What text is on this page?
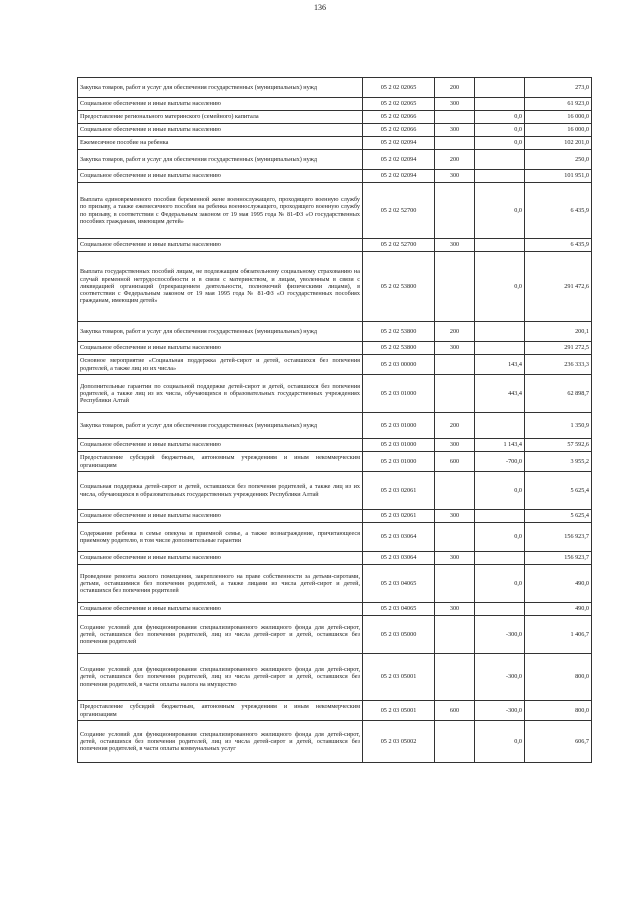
136
Закупка товаров, работ и услуг для обеспечения государственных (муниципальных) нужд	05 2 02 02065	200		273,0
Социальное обеспечение и иные выплаты населению	05 2 02 02065	300		61 923,0
Предоставление регионального материнского (семейного) капитала	05 2 02 02066		0,0	16 000,0
Социальное обеспечение и иные выплаты населению	05 2 02 02066	300	0,0	16 000,0
Ежемесячное пособие на ребенка	05 2 02 02094		0,0	102 201,0
Закупка товаров, работ и услуг для обеспечения государственных (муниципальных) нужд	05 2 02 02094	200		250,0
Социальное обеспечение и иные выплаты населению	05 2 02 02094	300		101 951,0
Выплата единовременного пособия беременной жене военнослужащего, проходящего военную службу по призыву, а также ежемесячного пособия на ребенка военнослужащего, проходящего военную службу по призыву, в соответствии с Федеральным законом от 19 мая 1995 года № 81-ФЗ «О государственных пособиях гражданам, имеющим детей»	05 2 02 52700		0,0	6 435,9
Социальное обеспечение и иные выплаты населению	05 2 02 52700	300		6 435,9
Выплата государственных пособий лицам, не подлежащим обязательному социальному страхованию на случай временной нетрудоспособности и в связи с материнством, и лицам, уволенным в связи с ликвидацией организаций (прекращением деятельности, полномочий физическими лицами), в соответствии с Федеральным законом от 19 мая 1995 года № 81-ФЗ «О государственных пособиях гражданам, имеющим детей»	05 2 02 53800		0,0	291 472,6
Закупка товаров, работ и услуг для обеспечения государственных (муниципальных) нужд	05 2 02 53800	200		200,1
Социальное обеспечение и иные выплаты населению	05 2 02 53800	300		291 272,5
Основное мероприятие «Социальная поддержка детей-сирот и детей, оставшихся без попечения родителей, а также лиц из их числа»	05 2 03 00000		143,4	236 333,3
Дополнительные гарантии по социальной поддержке детей-сирот и детей, оставшихся без попечения родителей, а также лиц из их числа, обучающихся в образовательных государственных учреждениях Республики Алтай	05 2 03 01000		443,4	62 898,7
Закупка товаров, работ и услуг для обеспечения государственных (муниципальных) нужд	05 2 03 01000	200		1 350,9
Социальное обеспечение и иные выплаты населению	05 2 03 01000	300	1 143,4	57 592,6
Предоставление субсидий бюджетным, автономным учреждениям и иным некоммерческим организациям	05 2 03 01000	600	-700,0	3 955,2
Социальная поддержка детей-сирот и детей, оставшихся без попечения родителей, а также лиц из их числа, обучающихся в образовательных государственных учреждениях Республики Алтай	05 2 03 02061		0,0	5 625,4
Социальное обеспечение и иные выплаты населению	05 2 03 02061	300		5 625,4
Содержание ребенка в семье опекуна и приемной семье, а также вознаграждение, причитающееся приемному родителю, в том числе дополнительные гарантии	05 2 03 03064		0,0	156 923,7
Социальное обеспечение и иные выплаты населению	05 2 03 03064	300		156 923,7
Проведение ремонта жилого помещения, закрепленного на праве собственности за детьми-сиротами, детьми, оставшимися без попечения родителей, а также лицами из числа детей-сирот и детей, оставшихся без попечения родителей	05 2 03 04065		0,0	490,0
Социальное обеспечение и иные выплаты населению	05 2 03 04065	300		490,0
Создание условий для функционирования специализированного жилищного фонда для детей-сирот, детей, оставшихся без попечения родителей, лиц из числа детей-сирот и детей, оставшихся без попечения родителей	05 2 03 05000		-300,0	1 406,7
Создание условий для функционирования специализированного жилищного фонда для детей-сирот, детей, оставшихся без попечения родителей, лиц из числа детей-сирот и детей, оставшихся без попечения родителей, в части оплаты налога на имущество	05 2 03 05001		-300,0	800,0
Предоставление субсидий бюджетным, автономным учреждениям и иным некоммерческим организациям	05 2 03 05001	600	-300,0	800,0
Создание условий для функционирования специализированного жилищного фонда для детей-сирот, детей, оставшихся без попечения родителей, лиц из числа детей-сирот и детей, оставшихся без попечения родителей, в части оплаты коммунальных услуг	05 2 03 05002		0,0	606,7
